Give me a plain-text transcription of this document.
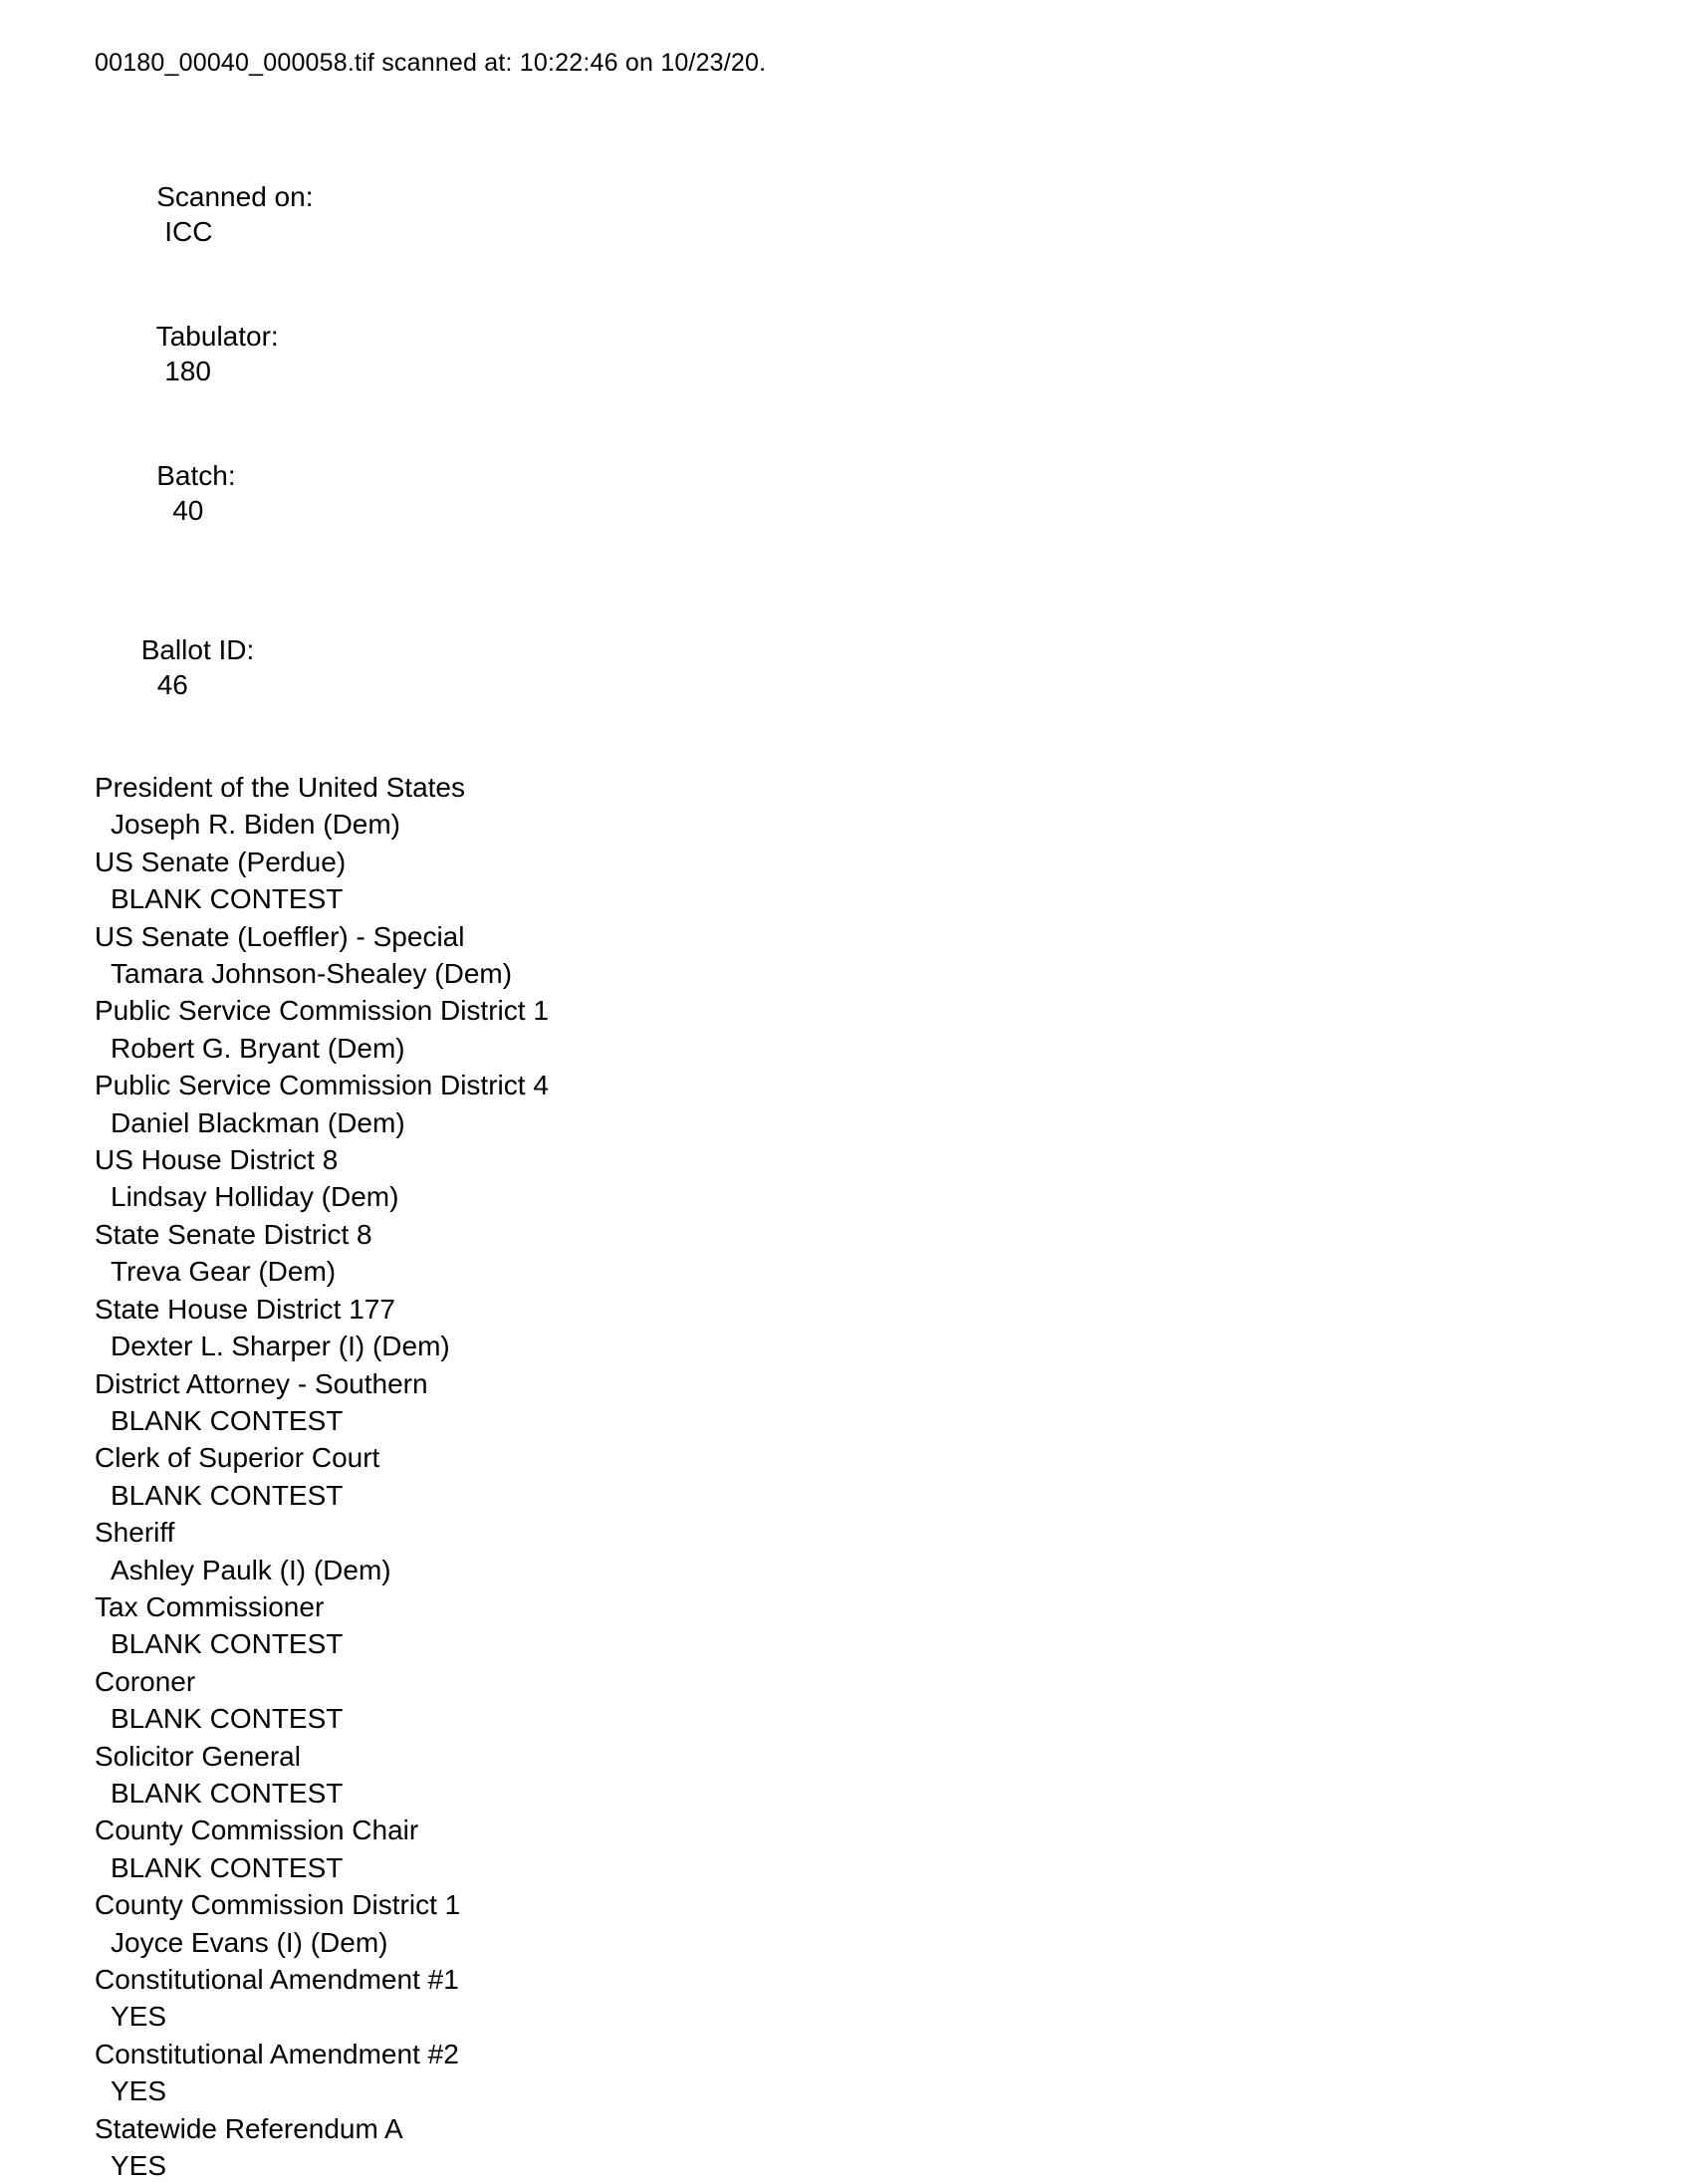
00180_00040_000058.tif scanned at: 10:22:46 on 10/23/20.

Scanned on:
ICC

Tabulator:
180

Batch:
40

Ballot ID:
46

President of the United States
Joseph R. Biden (Dem)
US Senate (Perdue)
BLANK CONTEST
US Senate (Loeffler) - Special
Tamara Johnson-Shealey (Dem)
Public Service Commission District 1
Robert G. Bryant (Dem)
Public Service Commission District 4
Daniel Blackman (Dem)
US House District 8
Lindsay Holliday (Dem)
State Senate District 8
Treva Gear (Dem)
State House District 177
Dexter L. Sharper (I) (Dem)
District Attorney - Southern
BLANK CONTEST
Clerk of Superior Court
BLANK CONTEST
Sheriff
Ashley Paulk (I) (Dem)
Tax Commissioner
BLANK CONTEST
Coroner
BLANK CONTEST
Solicitor General
BLANK CONTEST
County Commission Chair
BLANK CONTEST
County Commission District 1
Joyce Evans (I) (Dem)
Constitutional Amendment #1
YES
Constitutional Amendment #2
YES
Statewide Referendum A
YES
